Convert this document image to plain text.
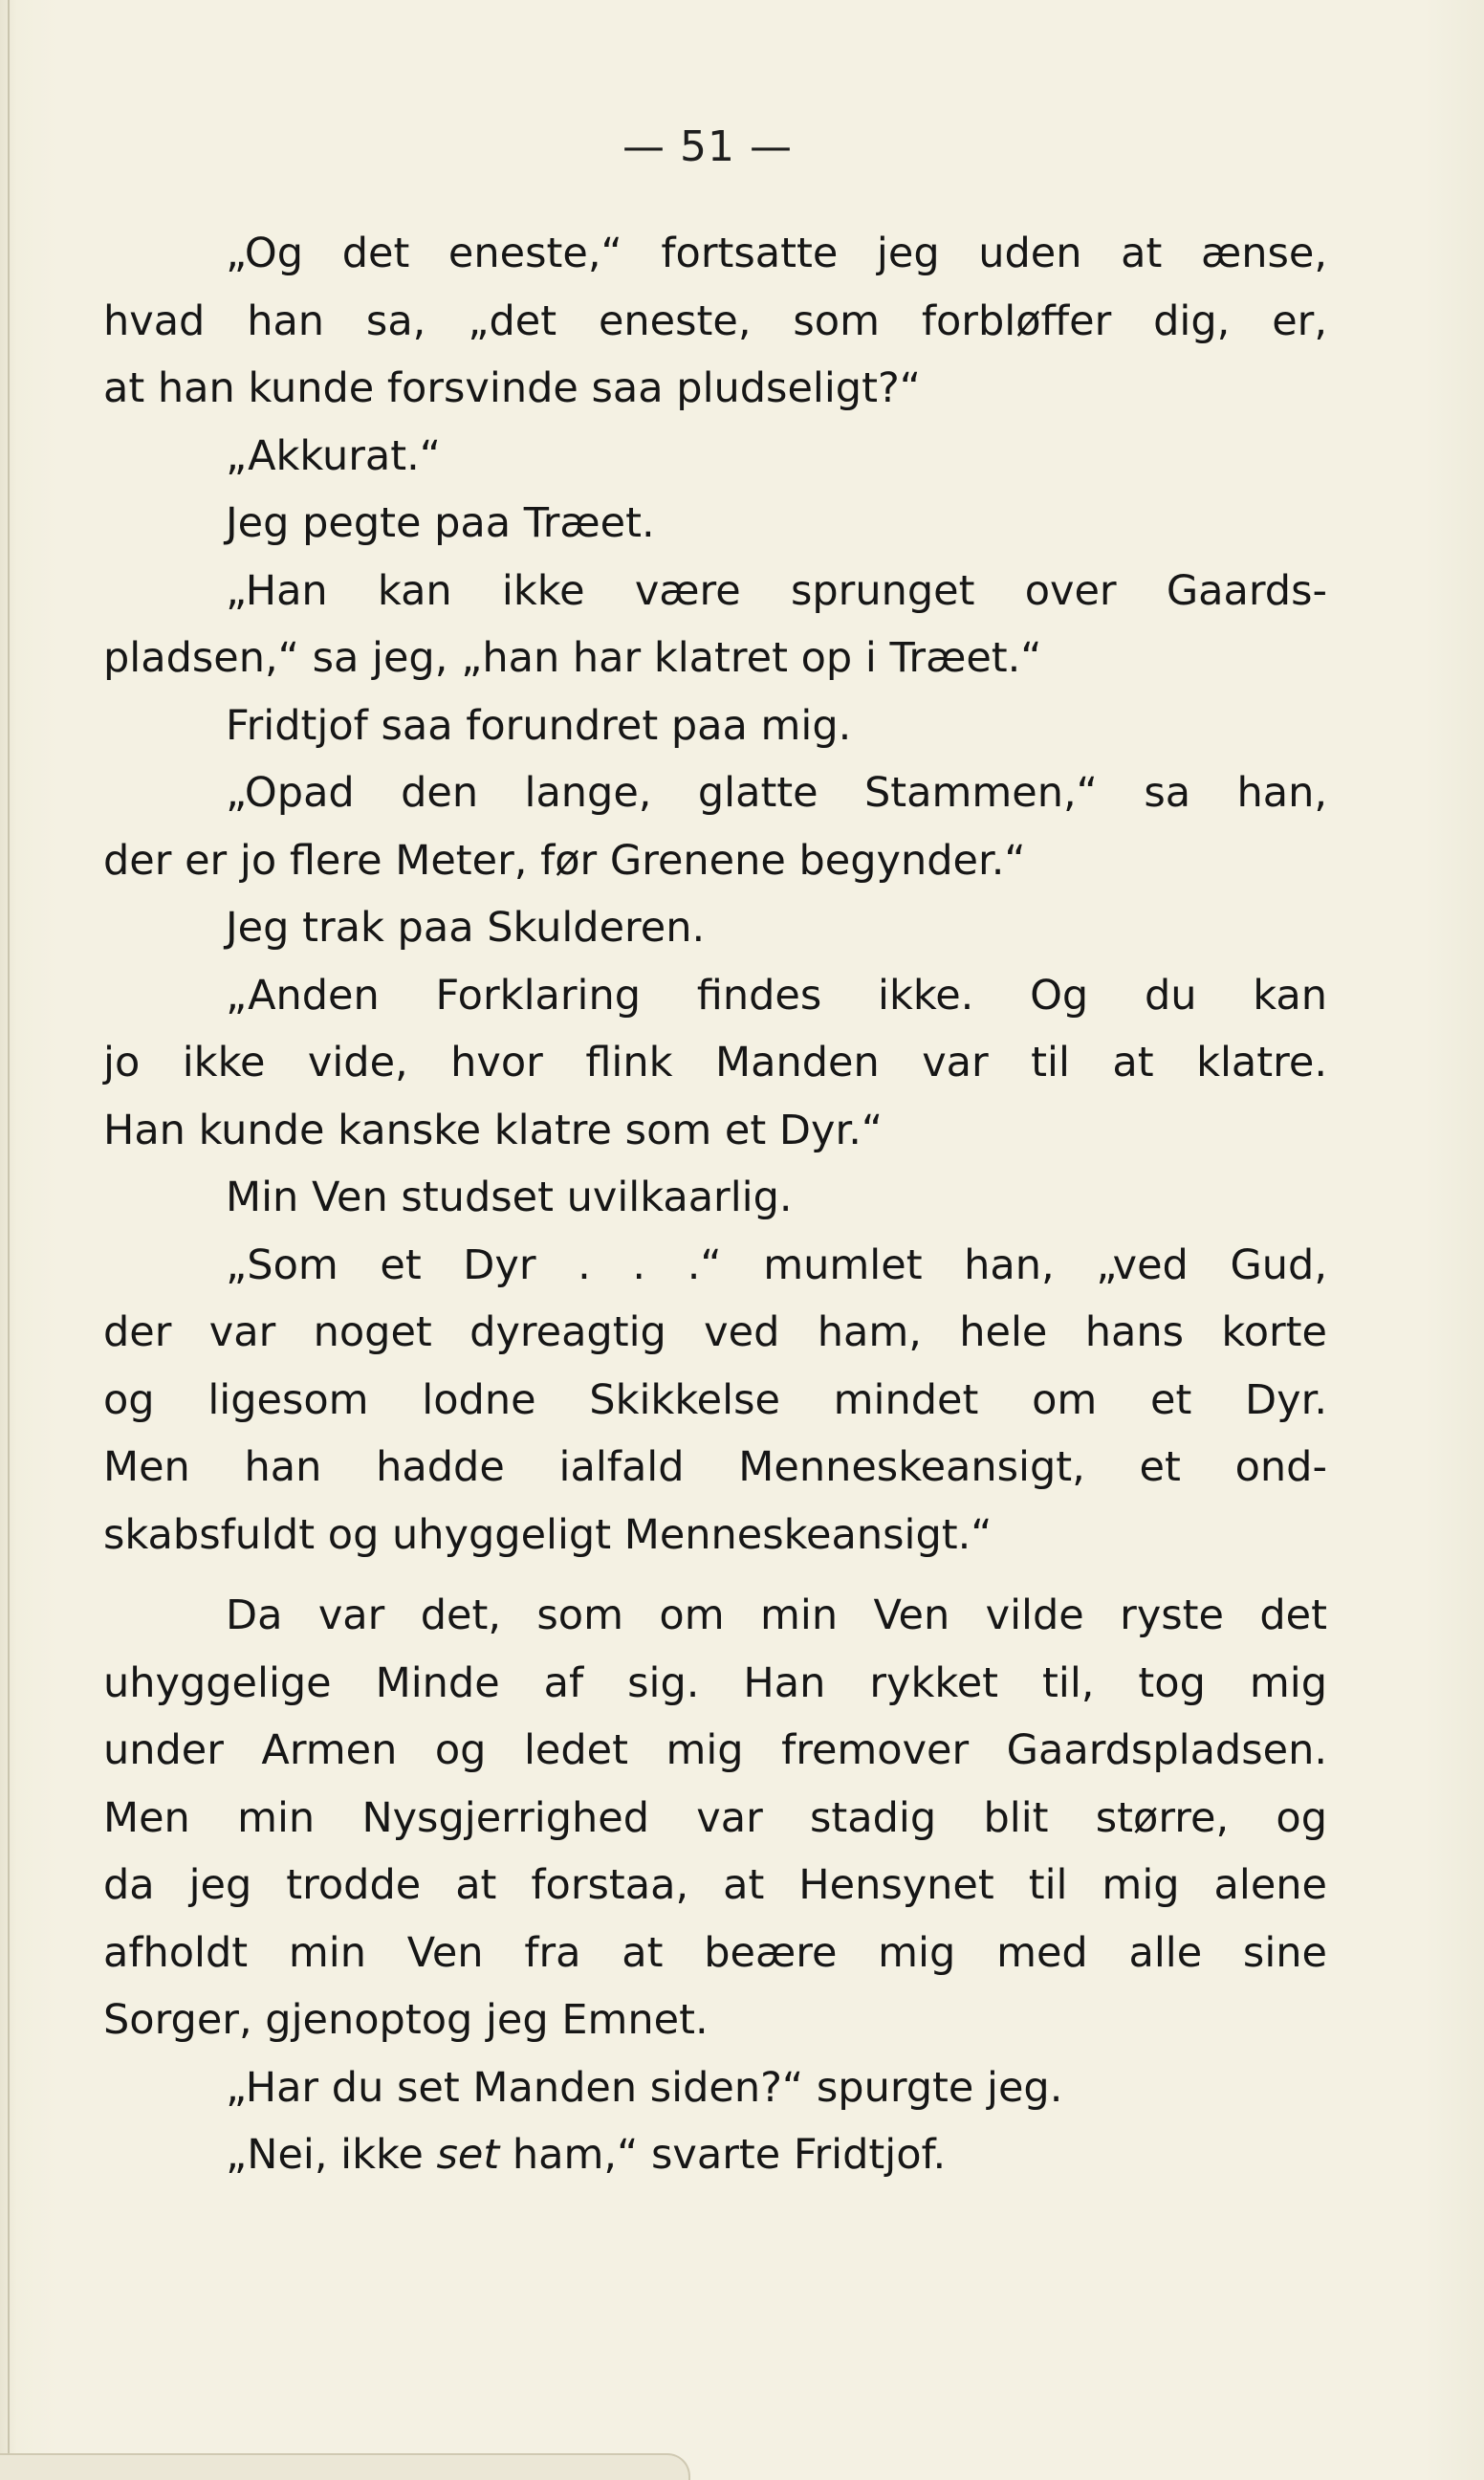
— 51 —
„Og det eneste,“ fortsatte jeg uden at ænse,
hvad han sa, „det eneste, som forbløffer dig, er,
at han kunde forsvinde saa pludseligt?“
„Akkurat.“
Jeg pegte paa Træet.
„Han kan ikke være sprunget over Gaards-
pladsen,“ sa jeg, „han har klatret op i Træet.“
Fridtjof saa forundret paa mig.
„Opad den lange, glatte Stammen,“ sa han,
der er jo flere Meter, før Grenene begynder.“
Jeg trak paa Skulderen.
„Anden Forklaring findes ikke. Og du kan
jo ikke vide, hvor flink Manden var til at klatre.
Han kunde kanske klatre som et Dyr.“
Min Ven studset uvilkaarlig.
„Som et Dyr . . .“ mumlet han, „ved Gud,
der var noget dyreagtig ved ham, hele hans korte
og ligesom lodne Skikkelse mindet om et Dyr.
Men han hadde ialfald Menneskeansigt, et ond-
skabsfuldt og uhyggeligt Menneskeansigt.“
Da var det, som om min Ven vilde ryste det
uhyggelige Minde af sig. Han rykket til, tog mig
under Armen og ledet mig fremover Gaardspladsen.
Men min Nysgjerrighed var stadig blit større, og
da jeg trodde at forstaa, at Hensynet til mig alene
afholdt min Ven fra at beære mig med alle sine
Sorger, gjenoptog jeg Emnet.
„Har du set Manden siden?“ spurgte jeg.
„Nei, ikke set ham,“ svarte Fridtjof.
